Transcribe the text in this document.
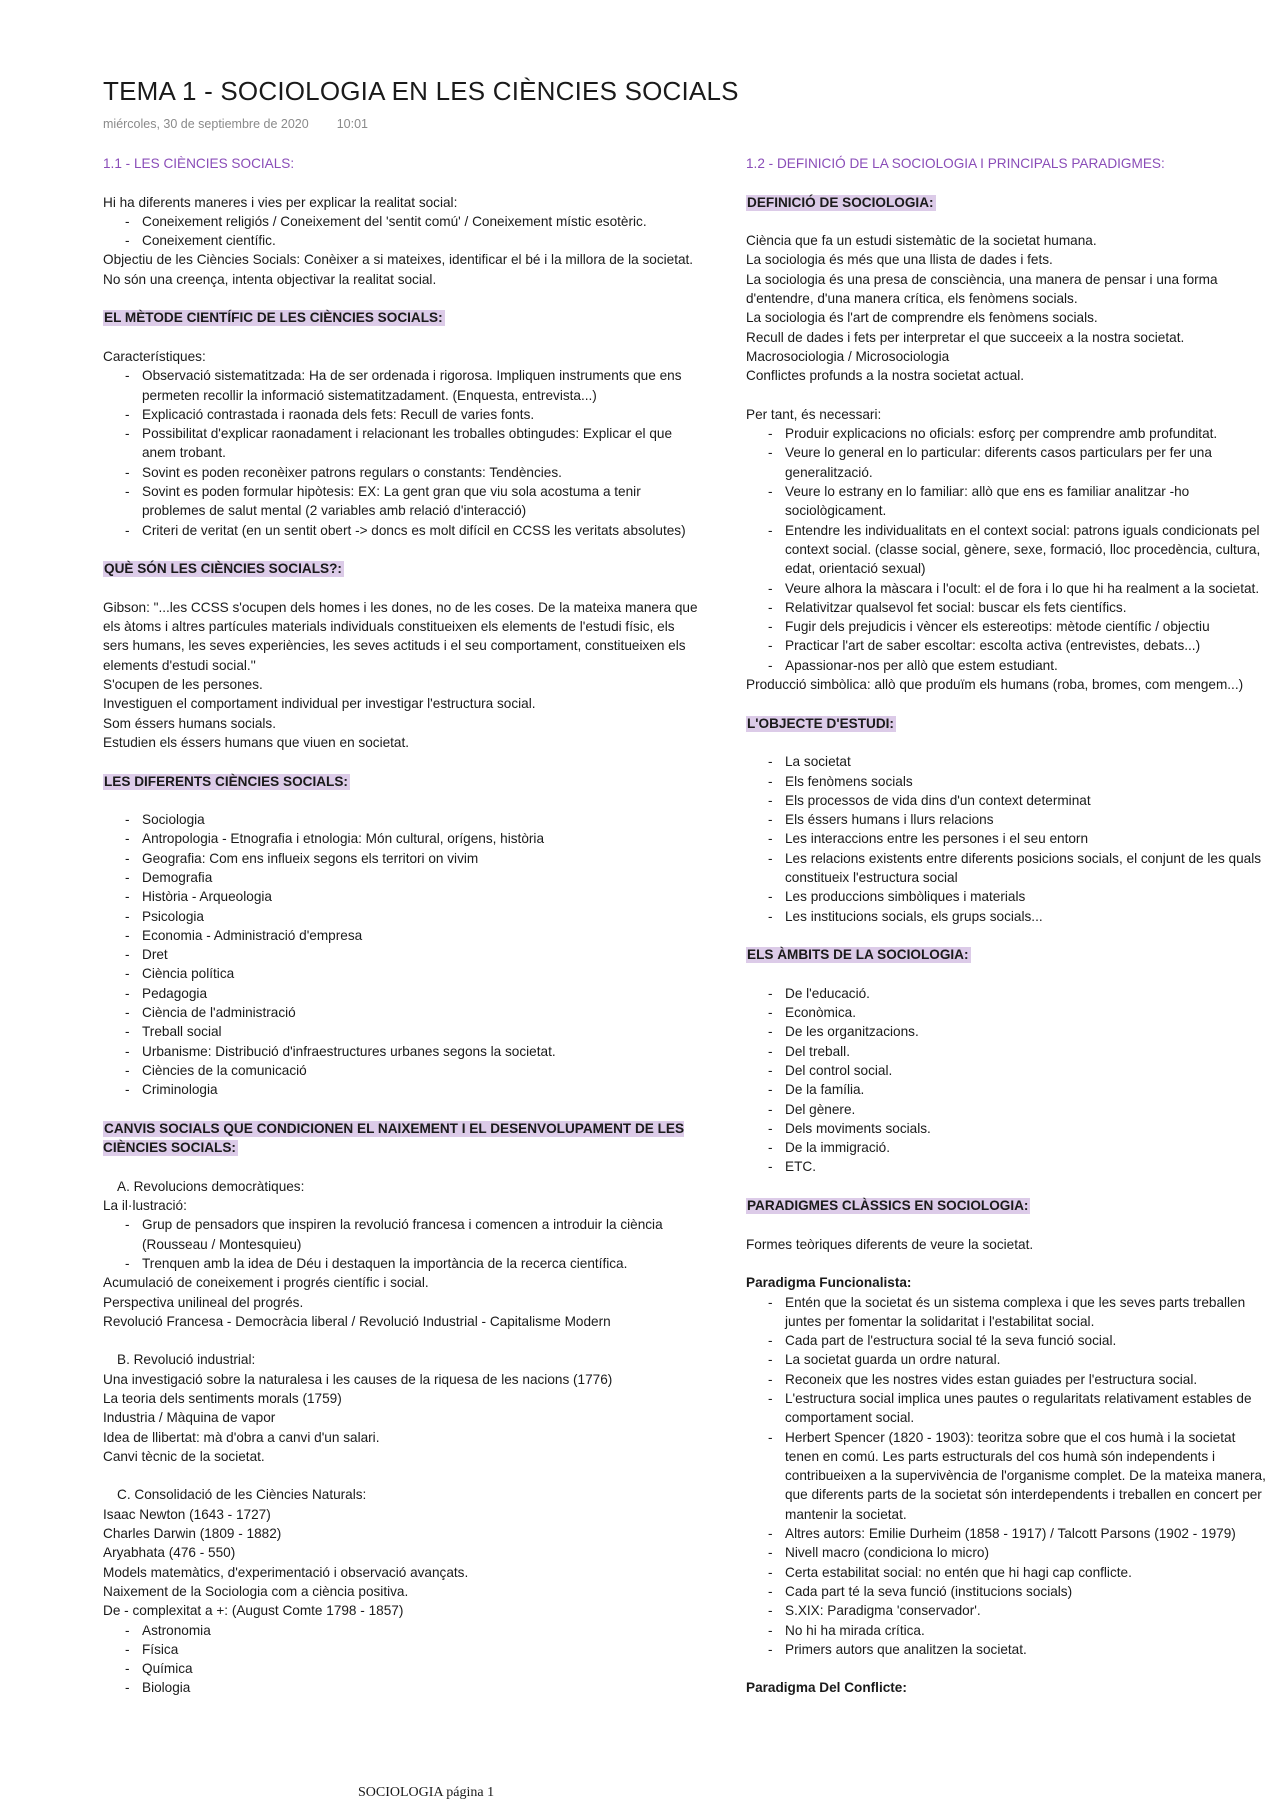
TEMA 1 - SOCIOLOGIA EN LES CIÈNCIES SOCIALS
miércoles, 30 de septiembre de 2020 10:01
1.1 - LES CIÈNCIES SOCIALS:

Hi ha diferents maneres i vies per explicar la realitat social:

- Coneixement religiós / Coneixement del 'sentit comú' / Coneixement místic esotèric.
- Coneixement científic.

Objectiu de les Ciències Socials: Conèixer a si mateixes, identificar el bé i la millora de la societat.

No són una creença, intenta objectivar la realitat social.

EL MÈTODE CIENTÍFIC DE LES CIÈNCIES SOCIALS:

Característiques:

- Observació sistematitzada: Ha de ser ordenada i rigorosa. Impliquen instruments que ens permeten recollir la informació sistematitzadament. (Enquesta, entrevista...)
- Explicació contrastada i raonada dels fets: Recull de varies fonts.
- Possibilitat d'explicar raonadament i relacionant les troballes obtingudes: Explicar el que anem trobant.
- Sovint es poden reconèixer patrons regulars o constants: Tendències.
- Sovint es poden formular hipòtesis: EX: La gent gran que viu sola acostuma a tenir problemes de salut mental (2 variables amb relació d'interacció)
- Criteri de veritat (en un sentit obert -> doncs es molt difícil en CCSS les veritats absolutes)
QUÈ SÓN LES CIÈNCIES SOCIALS?:

Gibson: "...les CCSS s'ocupen dels homes i les dones, no de les coses. De la mateixa manera que els àtoms i altres partícules materials individuals constitueixen els elements de l'estudi físic, els sers humans, les seves experiències, les seves actituds i el seu comportament, constitueixen els elements d'estudi social.''

S'ocupen de les persones.

Investiguen el comportament individual per investigar l'estructura social.

Som éssers humans socials.

Estudien els éssers humans que viuen en societat.

LES DIFERENTS CIÈNCIES SOCIALS:
- Sociologia
- Antropologia - Etnografia i etnologia: Món cultural, orígens, història
- Geografia: Com ens influeix segons els territori on vivim
- Demografia
- Història - Arqueologia
- Psicologia
- Economia - Administració d'empresa
- Dret
- Ciència política
- Pedagogia
- Ciència de l'administració
- Treball social
- Urbanisme: Distribució d'infraestructures urbanes segons la societat.
- Ciències de la comunicació
- Criminologia
CANVIS SOCIALS QUE CONDICIONEN EL NAIXEMENT I EL DESENVOLUPAMENT DE LES CIÈNCIES SOCIALS:

A. Revolucions democràtiques:

La il·lustració:

- Grup de pensadors que inspiren la revolució francesa i comencen a introduir la ciència (Rousseau / Montesquieu)
- Trenquen amb la idea de Déu i destaquen la importància de la recerca científica.

Acumulació de coneixement i progrés científic i social.

Perspectiva unilineal del progrés.

Revolució Francesa - Democràcia liberal / Revolució Industrial - Capitalisme Modern

B. Revolució industrial:

Una investigació sobre la naturalesa i les causes de la riquesa de les nacions (1776)

La teoria dels sentiments morals (1759)

Industria / Màquina de vapor

Idea de llibertat: mà d'obra a canvi d'un salari.

Canvi tècnic de la societat.

C. Consolidació de les Ciències Naturals:

Isaac Newton (1643 - 1727)

Charles Darwin (1809 - 1882)

Aryabhata (476 - 550)

Models matemàtics, d'experimentació i observació avançats.

Naixement de la Sociologia com a ciència positiva.

De - complexitat a +: (August Comte 1798 - 1857)

- Astronomia
- Física
- Química
- Biologia
1.2 - DEFINICIÓ DE LA SOCIOLOGIA I PRINCIPALS PARADIGMES:
DEFINICIÓ DE SOCIOLOGIA:

Ciència que fa un estudi sistemàtic de la societat humana.

La sociologia és més que una llista de dades i fets.

La sociologia és una presa de consciència, una manera de pensar i una forma d'entendre, d'una manera crítica, els fenòmens socials.

La sociologia és l'art de comprendre els fenòmens socials.

Recull de dades i fets per interpretar el que succeeix a la nostra societat.

Macrosociologia / Microsociologia

Conflictes profunds a la nostra societat actual.

Per tant, és necessari:

- Produir explicacions no oficials: esforç per comprendre amb profunditat.
- Veure lo general en lo particular: diferents casos particulars per fer una generalització.
- Veure lo estrany en lo familiar: allò que ens es familiar analitzar -ho sociològicament.
- Entendre les individualitats en el context social: patrons iguals condicionats pel context social. (classe social, gènere, sexe, formació, lloc procedència, cultura, edat, orientació sexual)
- Veure alhora la màscara i l'ocult: el de fora i lo que hi ha realment a la societat.
- Relativitzar qualsevol fet social: buscar els fets científics.
- Fugir dels prejudicis i vèncer els estereotips: mètode científic / objectiu
- Practicar l'art de saber escoltar: escolta activa (entrevistes, debats...)
- Apassionar-nos per allò que estem estudiant.

Producció simbòlica: allò que produïm els humans (roba, bromes, com mengem...)

L'OBJECTE D'ESTUDI:
- La societat
- Els fenòmens socials
- Els processos de vida dins d'un context determinat
- Els éssers humans i llurs relacions
- Les interaccions entre les persones i el seu entorn
- Les relacions existents entre diferents posicions socials, el conjunt de les quals constitueix l'estructura social
- Les produccions simbòliques i materials
- Les institucions socials, els grups socials...
ELS ÀMBITS DE LA SOCIOLOGIA:
- De l'educació.
- Econòmica.
- De les organitzacions.
- Del treball.
- Del control social.
- De la família.
- Del gènere.
- Dels moviments socials.
- De la immigració.
- ETC.
PARADIGMES CLÀSSICS EN SOCIOLOGIA:

Formes teòriques diferents de veure la societat.

Paradigma Funcionalista:

- Entén que la societat és un sistema complexa i que les seves parts treballen juntes per fomentar la solidaritat i l'estabilitat social.
- Cada part de l'estructura social té la seva funció social.
- La societat guarda un ordre natural.
- Reconeix que les nostres vides estan guiades per l'estructura social.
- L'estructura social implica unes pautes o regularitats relativament estables de comportament social.
- Herbert Spencer (1820 - 1903): teoritza sobre que el cos humà i la societat tenen en comú. Les parts estructurals del cos humà són independents i contribueixen a la supervivència de l'organisme complet. De la mateixa manera, que diferents parts de la societat són interdependents i treballen en concert per mantenir la societat.
- Altres autors: Emilie Durheim (1858 - 1917) / Talcott Parsons (1902 - 1979)
- Nivell macro (condiciona lo micro)
- Certa estabilitat social: no entén que hi hagi cap conflicte.
- Cada part té la seva funció (institucions socials)
- S.XIX: Paradigma 'conservador'.
- No hi ha mirada crítica.
- Primers autors que analitzen la societat.

Paradigma Del Conflicte:

SOCIOLOGIA página 1
